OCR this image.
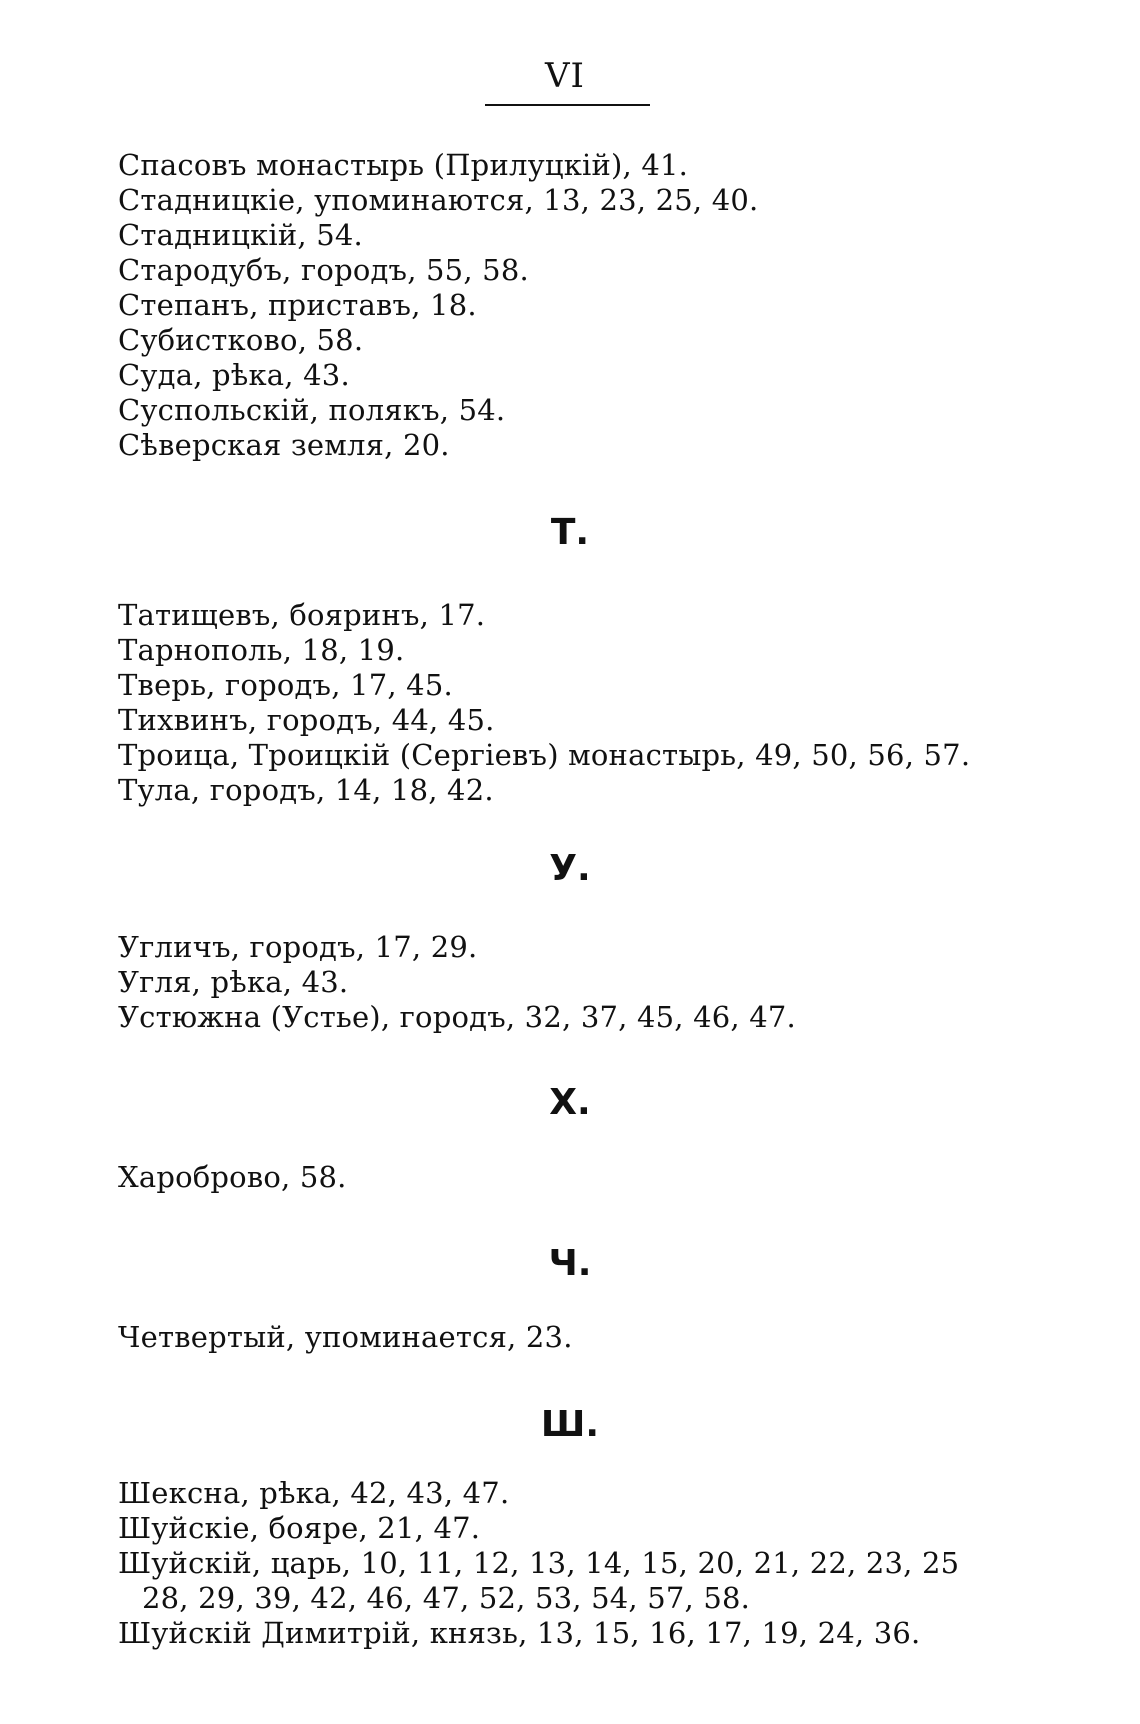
VI
Спасовъ монастырь (Прилуцкій), 41.
Стадницкіе, упоминаются, 13, 23, 25, 40.
Стадницкій, 54.
Стародубъ, городъ, 55, 58.
Степанъ, приставъ, 18.
Субистково, 58.
Суда, рѣка, 43.
Суспольскій, полякъ, 54.
Сѣверская земля, 20.
Т.
Татищевъ, бояринъ, 17.
Тарнополь, 18, 19.
Тверь, городъ, 17, 45.
Тихвинъ, городъ, 44, 45.
Троица, Троицкій (Сергіевъ) монастырь, 49, 50, 56, 57.
Тула, городъ, 14, 18, 42.
У.
Угличъ, городъ, 17, 29.
Угля, рѣка, 43.
Устюжна (Устье), городъ, 32, 37, 45, 46, 47.
Х.
Харoброво, 58.
Ч.
Четвертый, упоминается, 23.
Ш.
Шексна, рѣка, 42, 43, 47.
Шуйскіе, бояре, 21, 47.
Шуйскій, царь, 10, 11, 12, 13, 14, 15, 20, 21, 22, 23, 25
28, 29, 39, 42, 46, 47, 52, 53, 54, 57, 58.
Шуйскій Димитрій, князь, 13, 15, 16, 17, 19, 24, 36.
